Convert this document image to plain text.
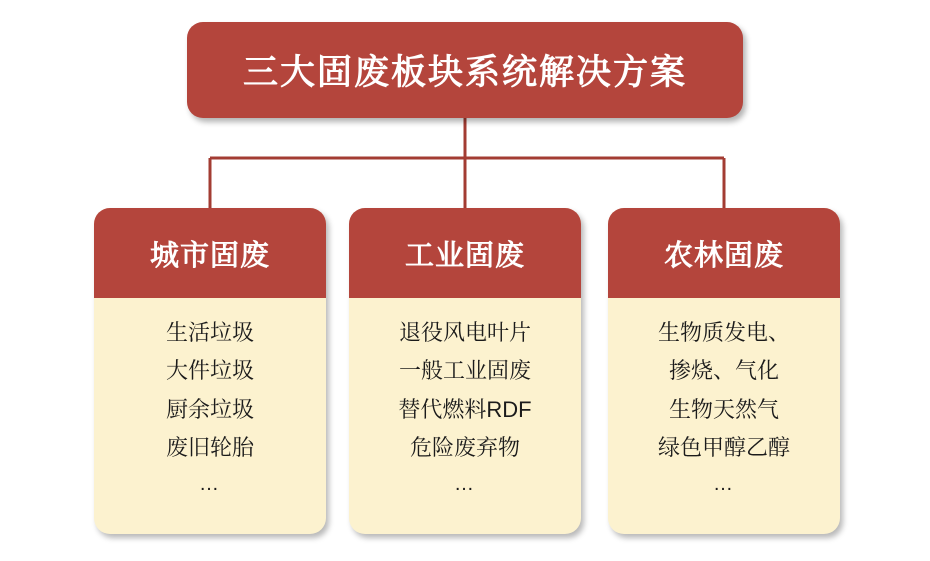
三大固废板块系统解决方案
城市固废
生活垃圾
大件垃圾
厨余垃圾
废旧轮胎
…
工业固废
退役风电叶片
一般工业固废
替代燃料RDF
危险废弃物
…
农林固废
生物质发电、
掺烧、气化
生物天然气
绿色甲醇乙醇
…
